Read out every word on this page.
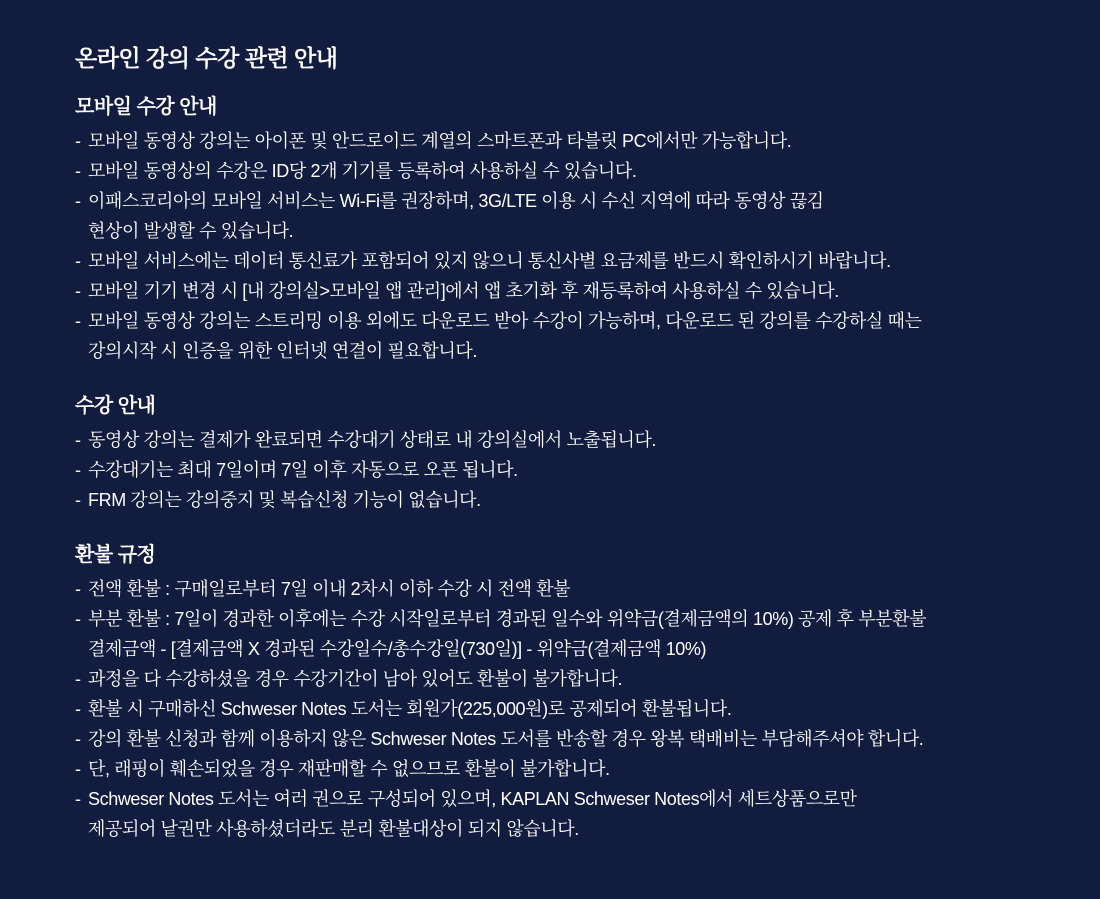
온라인 강의 수강 관련 안내
모바일 수강 안내
- 모바일 동영상 강의는 아이폰 및 안드로이드 계열의 스마트폰과 타블릿 PC에서만 가능합니다.
- 모바일 동영상의 수강은 ID당 2개 기기를 등록하여 사용하실 수 있습니다.
- 이패스코리아의 모바일 서비스는 Wi-Fi를 권장하며, 3G/LTE 이용 시 수신 지역에 따라 동영상 끊김
현상이 발생할 수 있습니다.
- 모바일 서비스에는 데이터 통신료가 포함되어 있지 않으니 통신사별 요금제를 반드시 확인하시기 바랍니다.
- 모바일 기기 변경 시 [내 강의실>모바일 앱 관리]에서 앱 초기화 후 재등록하여 사용하실 수 있습니다.
- 모바일 동영상 강의는 스트리밍 이용 외에도 다운로드 받아 수강이 가능하며, 다운로드 된 강의를 수강하실 때는
강의시작 시 인증을 위한 인터넷 연결이 필요합니다.
수강 안내
- 동영상 강의는 결제가 완료되면 수강대기 상태로 내 강의실에서 노출됩니다.
- 수강대기는 최대 7일이며 7일 이후 자동으로 오픈 됩니다.
- FRM 강의는 강의중지 및 복습신청 기능이 없습니다.
환불 규정
- 전액 환불 : 구매일로부터 7일 이내 2차시 이하 수강 시 전액 환불
- 부분 환불 : 7일이 경과한 이후에는 수강 시작일로부터 경과된 일수와 위약금(결제금액의 10%) 공제 후 부분환불
결제금액 - [결제금액 X 경과된 수강일수/총수강일(730일)] - 위약금(결제금액 10%)
- 과정을 다 수강하셨을 경우 수강기간이 남아 있어도 환불이 불가합니다.
- 환불 시 구매하신 Schweser Notes 도서는 회원가(225,000원)로 공제되어 환불됩니다.
- 강의 환불 신청과 함께 이용하지 않은 Schweser Notes 도서를 반송할 경우 왕복 택배비는 부담해주셔야 합니다.
- 단, 래핑이 훼손되었을 경우 재판매할 수 없으므로 환불이 불가합니다.
- Schweser Notes 도서는 여러 권으로 구성되어 있으며, KAPLAN Schweser Notes에서 세트상품으로만
제공되어 낱권만 사용하셨더라도 분리 환불대상이 되지 않습니다.
